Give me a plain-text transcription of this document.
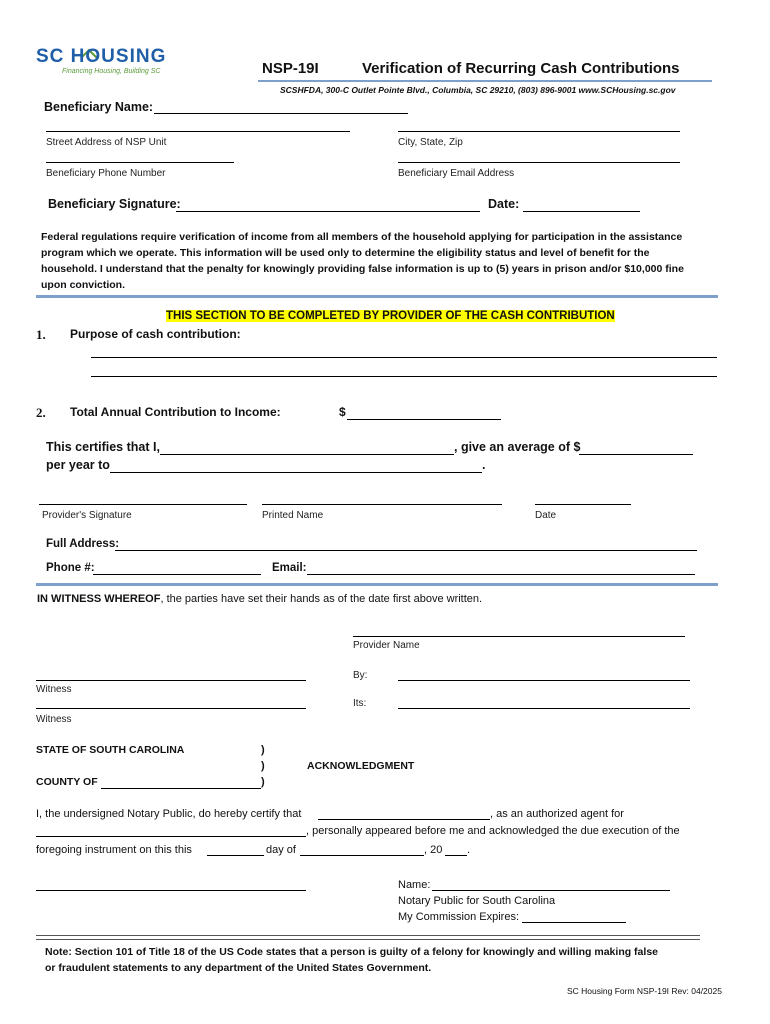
SC HOUSING
Financing Housing, Building SC	NSP-19I	Verification of Recurring Cash Contributions
SCSHFDA, 300-C Outlet Pointe Blvd., Columbia, SC 29210, (803) 896-9001 www.SCHousing.sc.gov
Beneficiary Name:
Street Address of NSP Unit	City, State, Zip
Beneficiary Phone Number	Beneficiary Email Address
Beneficiary Signature:	Date:
Federal regulations require verification of income from all members of the household applying for participation in the assistance
program which we operate. This information will be used only to determine the eligibility status and level of benefit for the
household. I understand that the penalty for knowingly providing false information is up to (5) years in prison and/or $10,000 fine
upon conviction.
THIS SECTION TO BE COMPLETED BY PROVIDER OF THE CASH CONTRIBUTION
1. Purpose of cash contribution:
2. Total Annual Contribution to Income:	$
This certifies that I,	, give an average of $
per year to	.
Provider's Signature	Printed Name	Date
Full Address:
Phone #:	Email:
IN WITNESS WHEREOF, the parties have set their hands as of the date first above written.
Provider Name
By:
Witness
Its:
Witness
STATE OF SOUTH CAROLINA	)
)
)
ACKNOWLEDGMENT
COUNTY OF
I, the undersigned Notary Public, do hereby certify that	, as an authorized agent for
, personally appeared before me and acknowledged the due execution of the
foregoing instrument on this this	day of	, 20 .
Name:
Notary Public for South Carolina
My Commission Expires:
Note: Section 101 of Title 18 of the US Code states that a person is guilty of a felony for knowingly and willing making false
or fraudulent statements to any department of the United States Government.
SC Housing Form NSP-19I Rev: 04/2025
